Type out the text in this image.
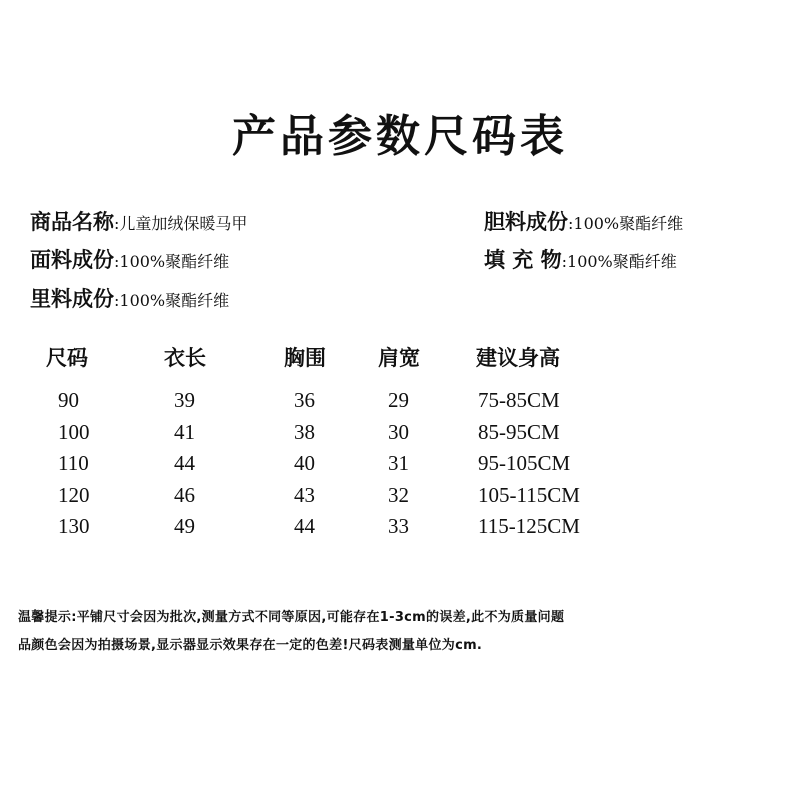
产品参数尺码表
商品名称:儿童加绒保暖马甲	胆料成份:100%聚酯纤维
面料成份:100%聚酯纤维	填 充 物:100%聚酯纤维
里料成份:100%聚酯纤维
尺码	衣长	胸围 肩宽	建议身高
90	39	36	29	75-85CM
100	41	38	30	85-95CM
110	44	40	31	95-105CM
120	46	43	32	105-115CM
130	49	44	33	115-125CM
温馨提示:平铺尺寸会因为批次,测量方式不同等原因,可能存在1-3cm的误差,此不为质量问题
品颜色会因为拍摄场景,显示器显示效果存在一定的色差!尺码表测量单位为cm.
